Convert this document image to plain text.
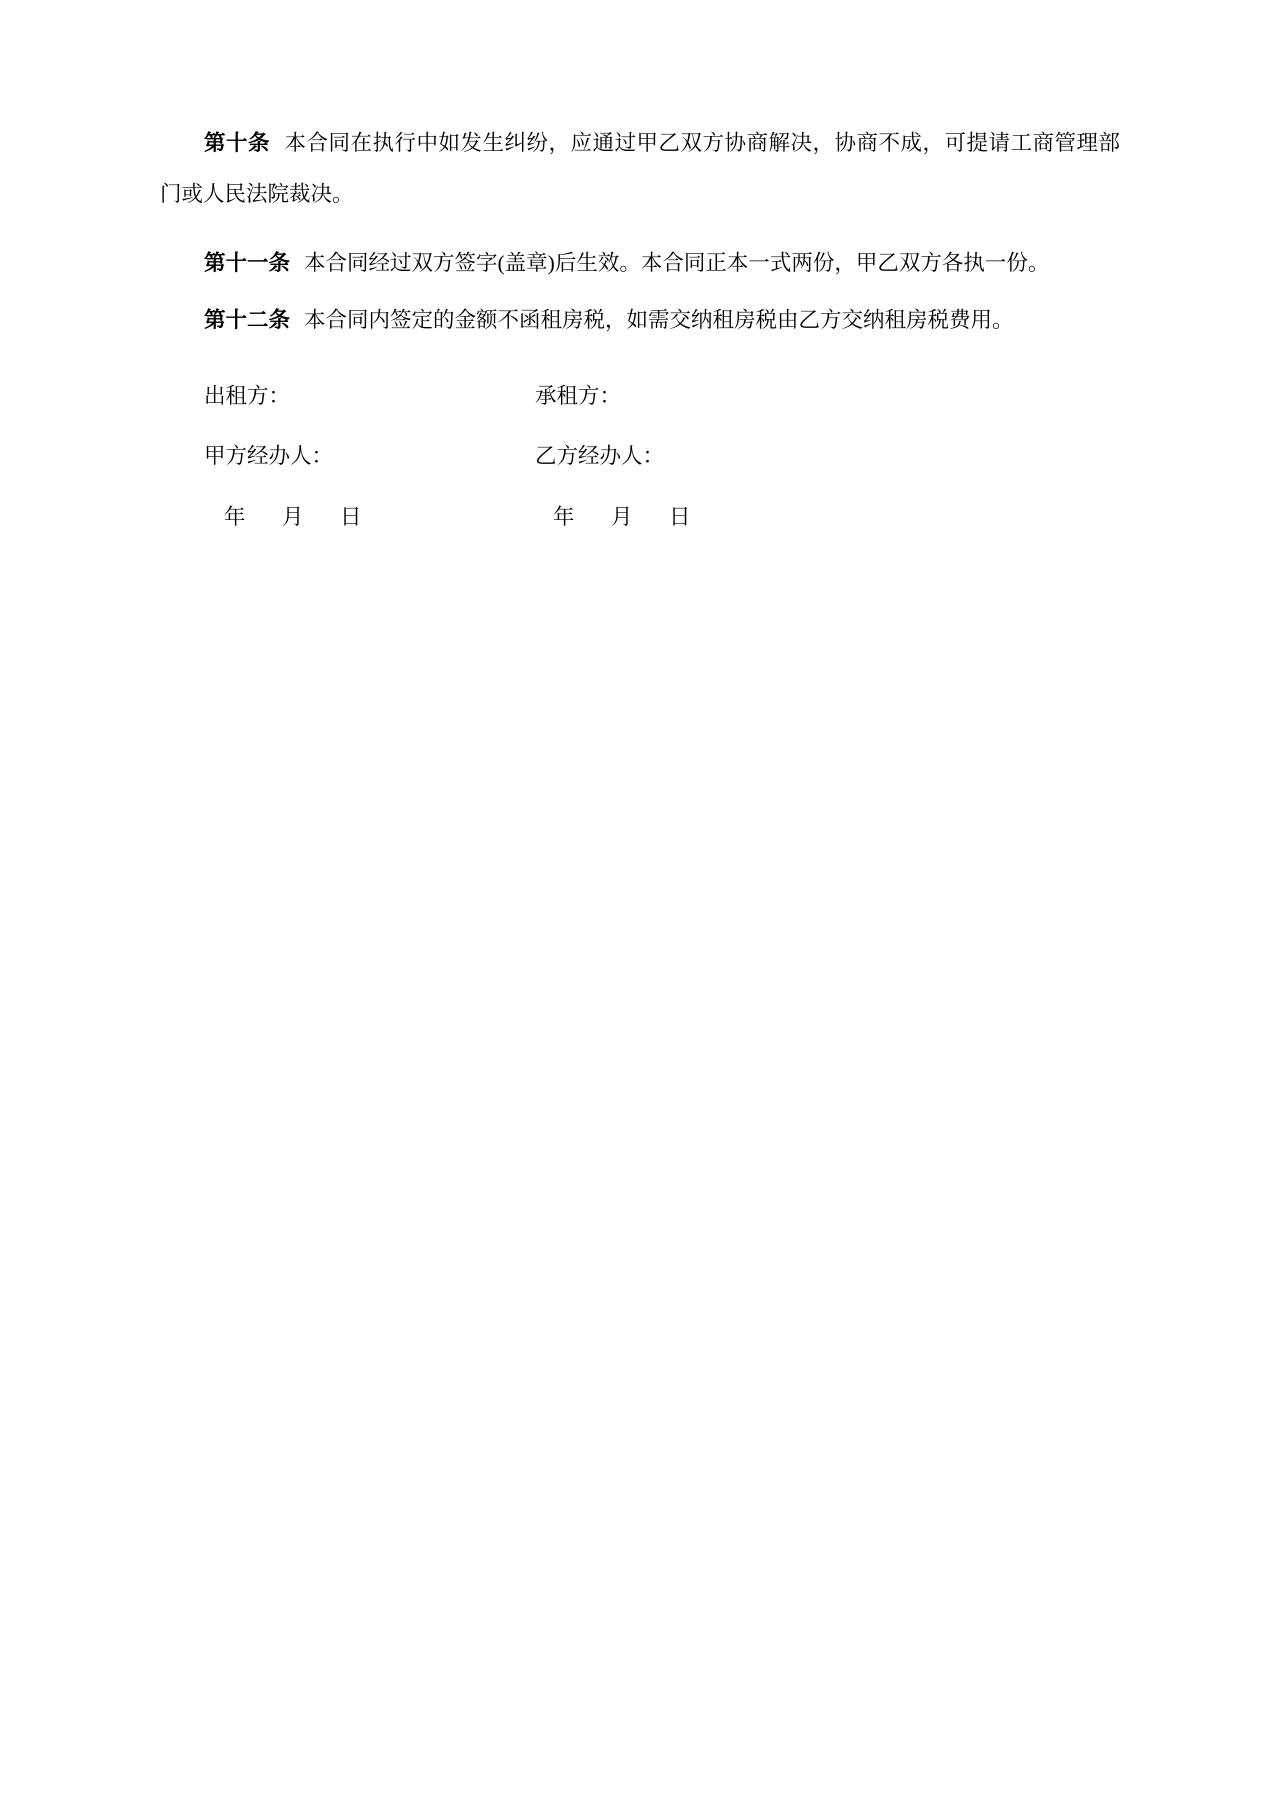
第十条 本合同在执行中如发生纠纷，应通过甲乙双方协商解决，协商不成，可提请工商管理部门或人民法院裁决。

第十一条 本合同经过双方签字(盖章)后生效。本合同正本一式两份，甲乙双方各执一份。

第十二条 本合同内签定的金额不函租房税，如需交纳租房税由乙方交纳租房税费用。

出租方：	承租方：
甲方经办人：	乙方经办人：
年 月 日	年 月 日
